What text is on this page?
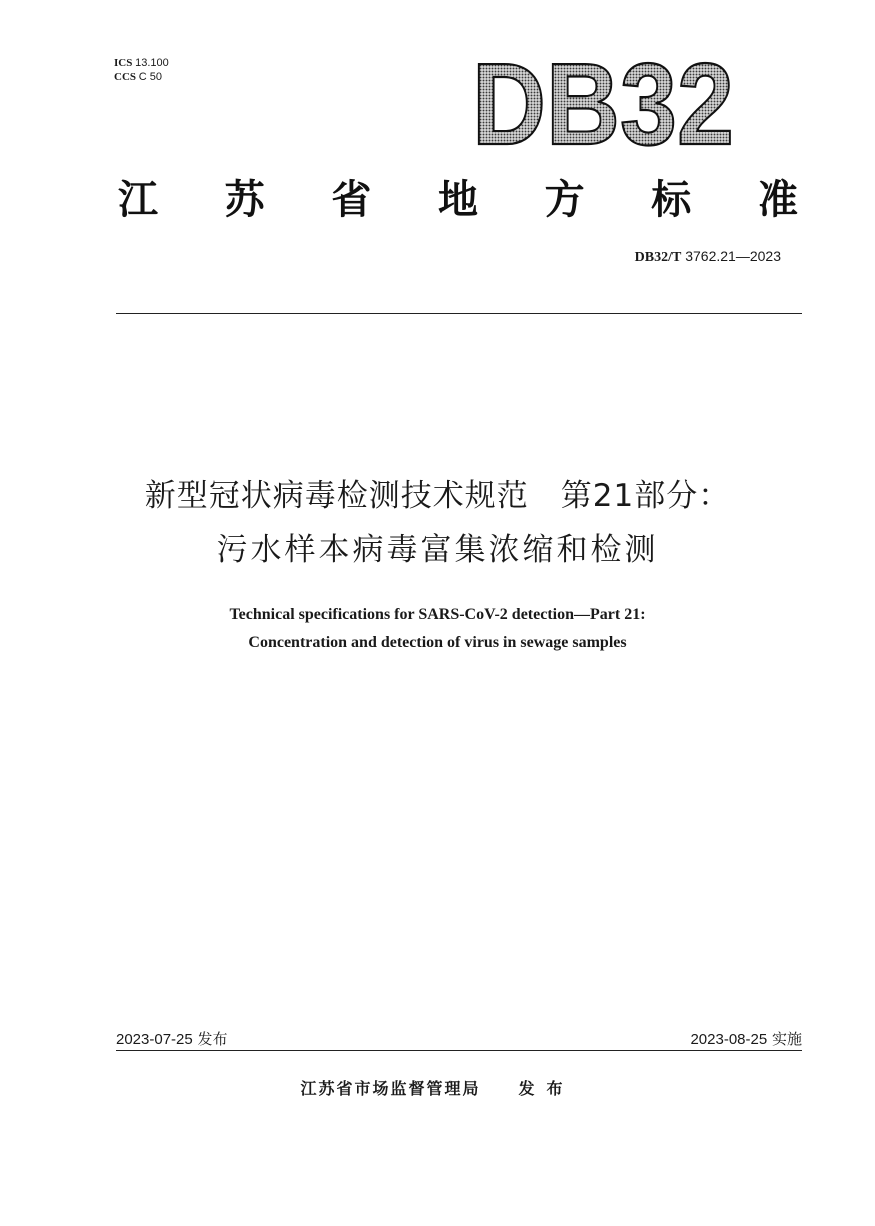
ICS 13.100
CCS C 50	DB32
江 苏 省 地 方 标 准
DB32/T 3762.21—2023
新型冠状病毒检测技术规范　第21部分：
污水样本病毒富集浓缩和检测
Technical specifications for SARS-CoV-2 detection—Part 21:
Concentration and detection of virus in sewage samples
2023-07-25 发布	2023-08-25 实施
江苏省市场监督管理局 发布
